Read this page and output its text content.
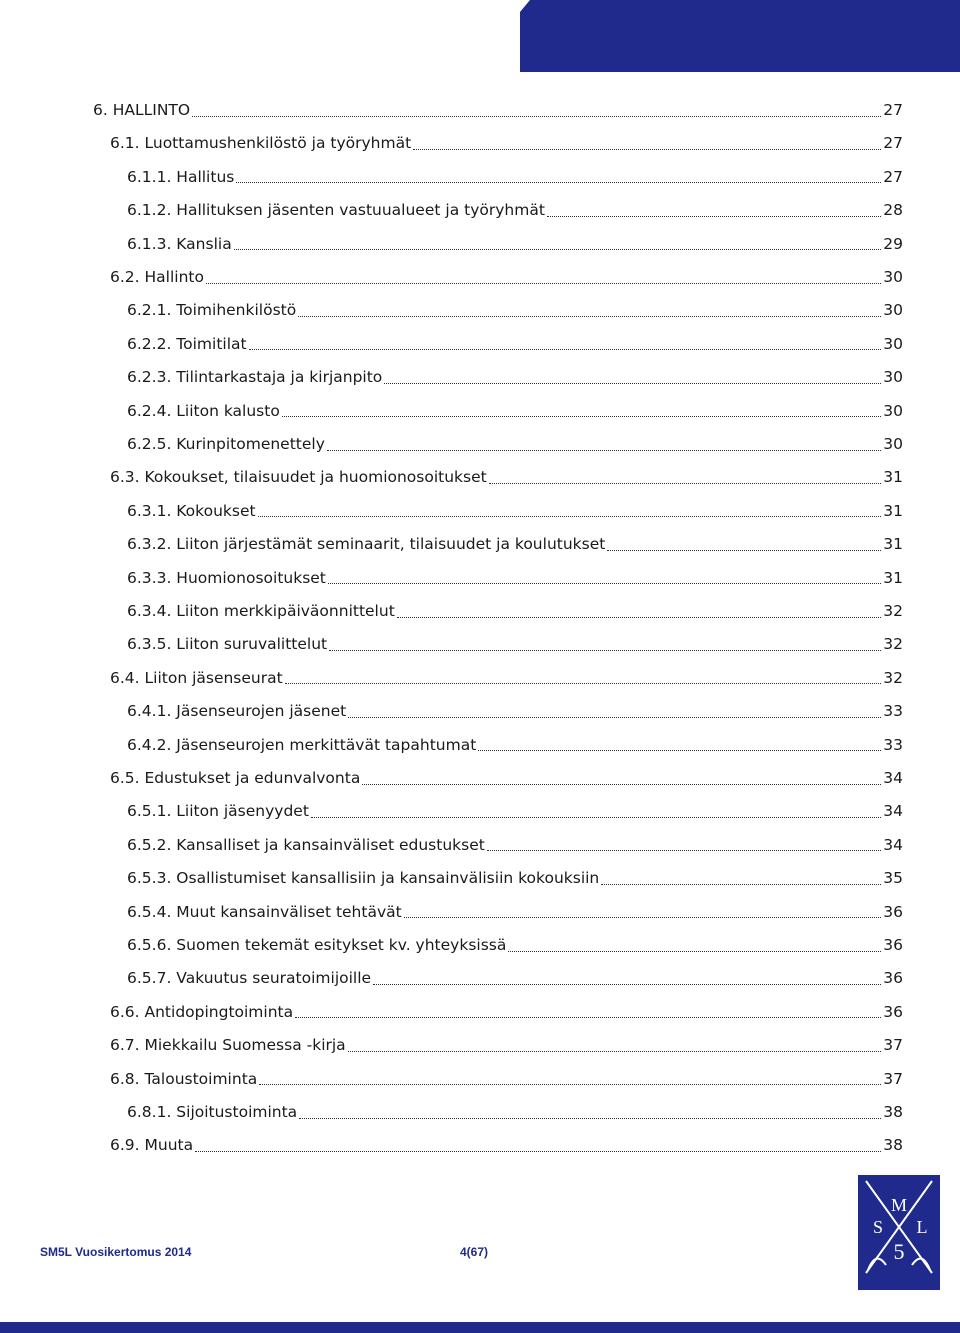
6. HALLINTO	27
6.1. Luottamushenkilöstö ja työryhmät	27
6.1.1. Hallitus	27
6.1.2. Hallituksen jäsenten vastuualueet ja työryhmät	28
6.1.3. Kanslia	29
6.2. Hallinto	30
6.2.1. Toimihenkilöstö	30
6.2.2. Toimitilat	30
6.2.3. Tilintarkastaja ja kirjanpito	30
6.2.4. Liiton kalusto	30
6.2.5. Kurinpitomenettely	30
6.3. Kokoukset, tilaisuudet ja huomionosoitukset	31
6.3.1. Kokoukset	31
6.3.2. Liiton järjestämät seminaarit, tilaisuudet ja koulutukset	31
6.3.3. Huomionosoitukset	31
6.3.4. Liiton merkkipäiväonnittelut	32
6.3.5. Liiton suruvalittelut	32
6.4. Liiton jäsenseurat	32
6.4.1. Jäsenseurojen jäsenet	33
6.4.2. Jäsenseurojen merkittävät tapahtumat	33
6.5. Edustukset ja edunvalvonta	34
6.5.1. Liiton jäsenyydet	34
6.5.2. Kansalliset ja kansainväliset edustukset	34
6.5.3. Osallistumiset kansallisiin ja kansainvälisiin kokouksiin	35
6.5.4. Muut kansainväliset tehtävät	36
6.5.6. Suomen tekemät esitykset kv. yhteyksissä	36
6.5.7. Vakuutus seuratoimijoille	36
6.6. Antidopingtoiminta	36
6.7. Miekkailu Suomessa -kirja	37
6.8. Taloustoiminta	37
6.8.1. Sijoitustoiminta	38
6.9. Muuta	38
SM5L Vuosikertomus 2014	4(67)
M
S L
5
